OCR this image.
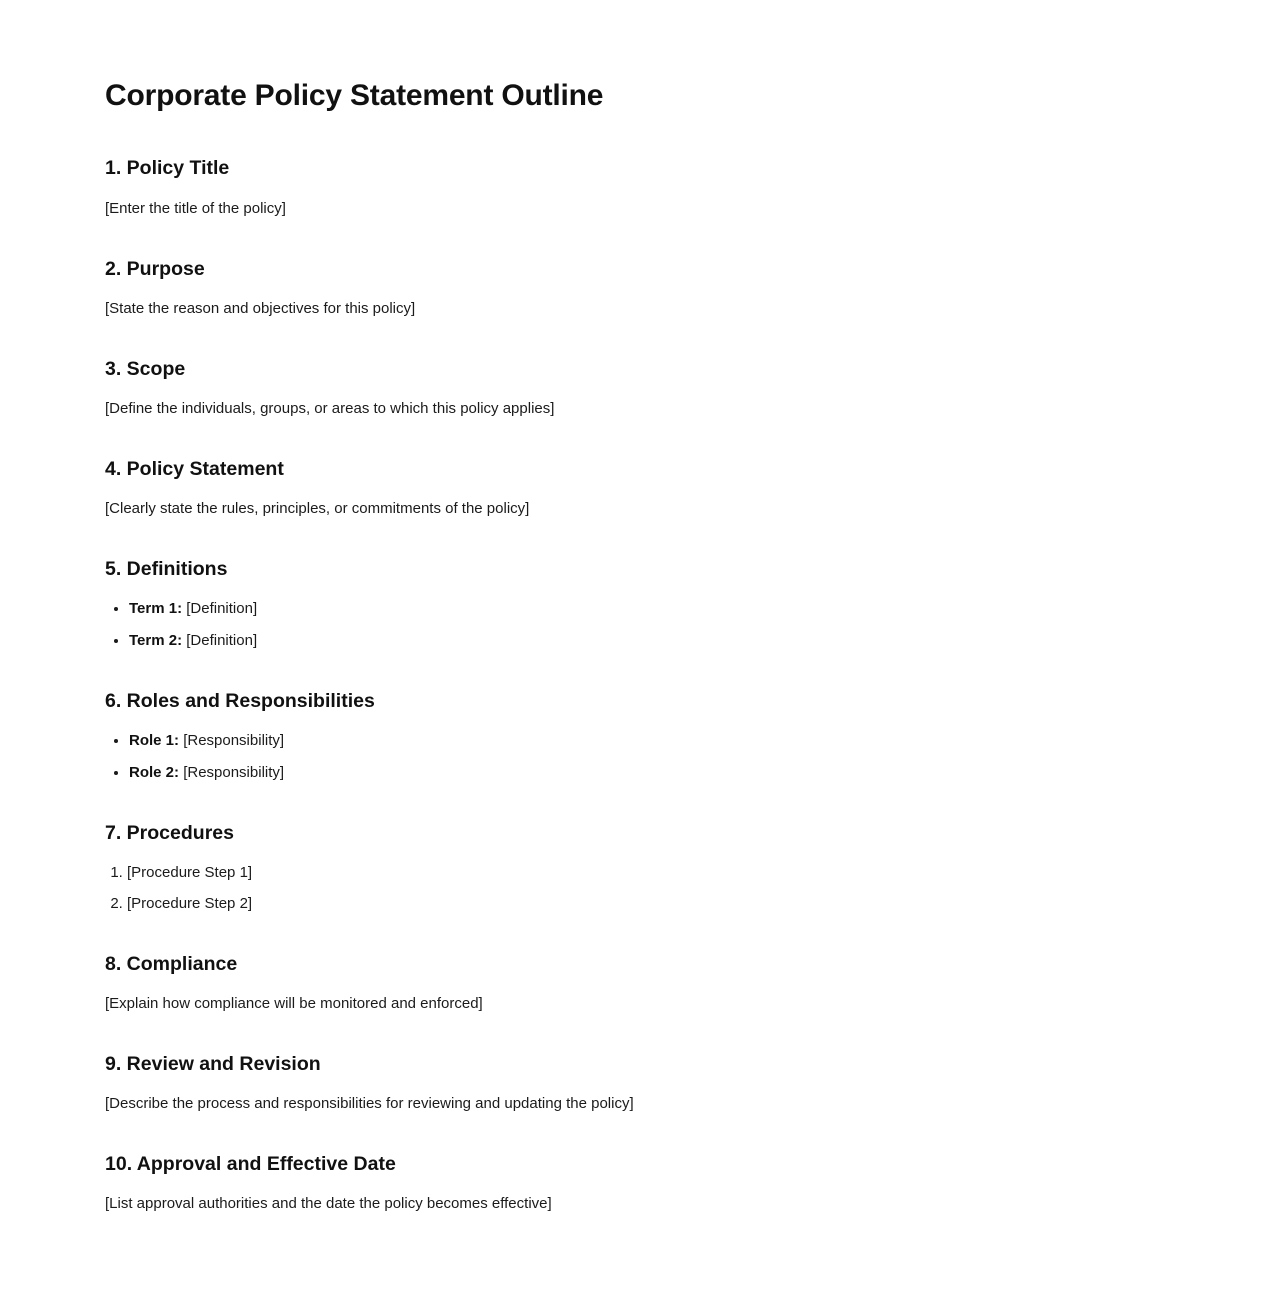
Corporate Policy Statement Outline
1. Policy Title

[Enter the title of the policy]

2. Purpose

[State the reason and objectives for this policy]

3. Scope

[Define the individuals, groups, or areas to which this policy applies]

4. Policy Statement

[Clearly state the rules, principles, or commitments of the policy]

5. Definitions
• Term 1: [Definition]
• Term 2: [Definition]
6. Roles and Responsibilities
• Role 1: [Responsibility]
• Role 2: [Responsibility]
7. Procedures
1. [Procedure Step 1]
2. [Procedure Step 2]
8. Compliance

[Explain how compliance will be monitored and enforced]

9. Review and Revision

[Describe the process and responsibilities for reviewing and updating the policy]

10. Approval and Effective Date

[List approval authorities and the date the policy becomes effective]
